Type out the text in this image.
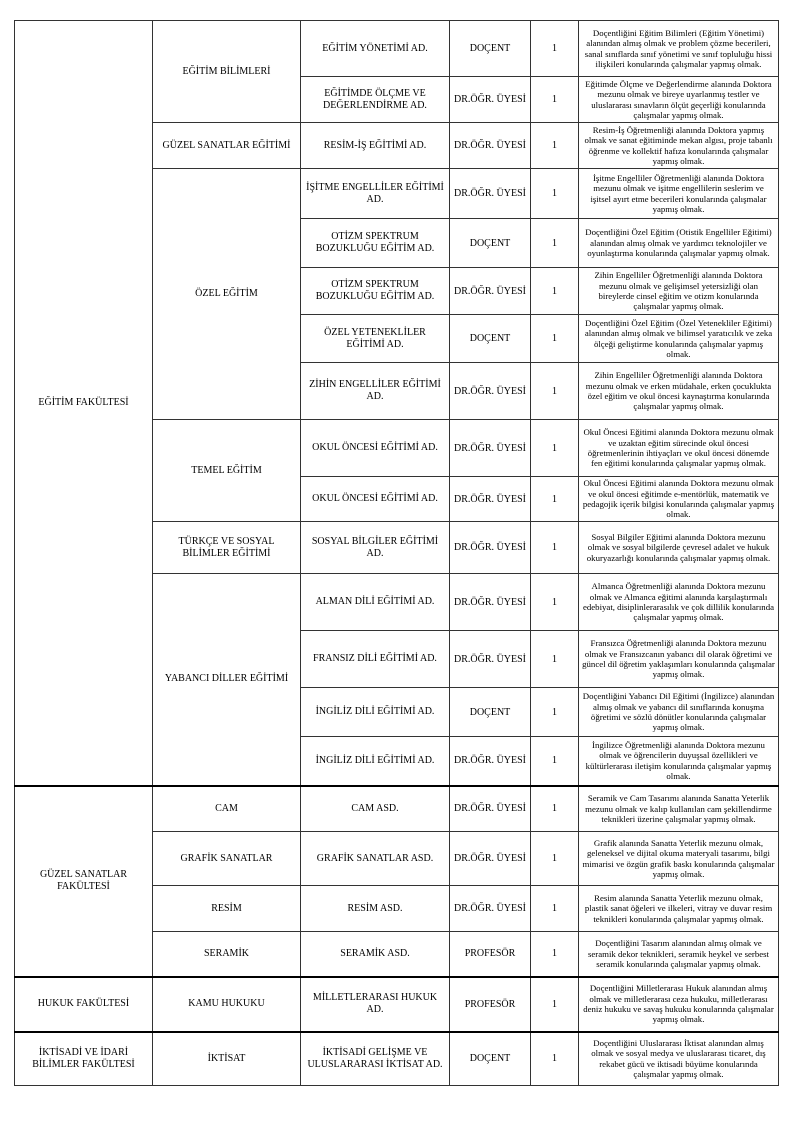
EĞİTİM FAKÜLTESİ	EĞİTİM BİLİMLERİ	EĞİTİM YÖNETİMİ AD.	DOÇENT	1	Doçentliğini Eğitim Bilimleri (Eğitim Yönetimi) alanından almış olmak ve problem çözme becerileri, sanal sınıflarda sınıf yönetimi ve sınıf topluluğu hissi ilişkileri konularında çalışmalar yapmış olmak.
		EĞİTİMDE ÖLÇME VE DEĞERLENDİRME AD.	DR.ÖĞR. ÜYESİ	1	Eğitimde Ölçme ve Değerlendirme alanında Doktora mezunu olmak ve bireye uyarlanmış testler ve uluslararası sınavların ölçüt geçerliği konularında çalışmalar yapmış olmak.
	GÜZEL SANATLAR EĞİTİMİ	RESİM-İŞ EĞİTİMİ AD.	DR.ÖĞR. ÜYESİ	1	Resim-İş Öğretmenliği alanında Doktora yapmış olmak ve sanat eğitiminde mekan algısı, proje tabanlı öğrenme ve kollektif hafıza konularında çalışmalar yapmış olmak.
	ÖZEL EĞİTİM	İŞİTME ENGELLİLER EĞİTİMİ AD.	DR.ÖĞR. ÜYESİ	1	İşitme Engelliler Öğretmenliği alanında Doktora mezunu olmak ve işitme engellilerin seslerim ve işitsel ayırt etme becerileri konularında çalışmalar yapmış olmak.
		OTİZM SPEKTRUM BOZUKLUĞU EĞİTİM AD.	DOÇENT	1	Doçentliğini Özel Eğitim (Otistik Engelliler Eğitimi) alanından almış olmak ve yardımcı teknolojiler ve oyunlaştırma konularında çalışmalar yapmış olmak.
		OTİZM SPEKTRUM BOZUKLUĞU EĞİTİM AD.	DR.ÖĞR. ÜYESİ	1	Zihin Engelliler Öğretmenliği alanında Doktora mezunu olmak ve gelişimsel yetersizliği olan bireylerde cinsel eğitim ve otizm konularında çalışmalar yapmış olmak.
		ÖZEL YETENEKLİLER EĞİTİMİ AD.	DOÇENT	1	Doçentliğini Özel Eğitim (Özel Yetenekliler Eğitimi) alanından almış olmak ve bilimsel yaratıcılık ve zeka ölçeği geliştirme konularında çalışmalar yapmış olmak.
		ZİHİN ENGELLİLER EĞİTİMİ AD.	DR.ÖĞR. ÜYESİ	1	Zihin Engelliler Öğretmenliği alanında Doktora mezunu olmak ve erken müdahale, erken çocuklukta özel eğitim ve okul öncesi kaynaştırma konularında çalışmalar yapmış olmak.
	TEMEL EĞİTİM	OKUL ÖNCESİ EĞİTİMİ AD.	DR.ÖĞR. ÜYESİ	1	Okul Öncesi Eğitimi alanında Doktora mezunu olmak ve uzaktan eğitim sürecinde okul öncesi öğretmenlerinin ihtiyaçları ve okul öncesi dönemde fen eğitimi konularında çalışmalar yapmış olmak.
		OKUL ÖNCESİ EĞİTİMİ AD.	DR.ÖĞR. ÜYESİ	1	Okul Öncesi Eğitimi alanında Doktora mezunu olmak ve okul öncesi eğitimde e-mentörlük, matematik ve pedagojik içerik bilgisi konularında çalışmalar yapmış olmak.
	TÜRKÇE VE SOSYAL BİLİMLER EĞİTİMİ	SOSYAL BİLGİLER EĞİTİMİ AD.	DR.ÖĞR. ÜYESİ	1	Sosyal Bilgiler Eğitimi alanında Doktora mezunu olmak ve sosyal bilgilerde çevresel adalet ve hukuk okuryazarlığı konularında çalışmalar yapmış olmak.
	YABANCI DİLLER EĞİTİMİ	ALMAN DİLİ EĞİTİMİ AD.	DR.ÖĞR. ÜYESİ	1	Almanca Öğretmenliği alanında Doktora mezunu olmak ve Almanca eğitimi alanında karşılaştırmalı edebiyat, disiplinlerarasılık ve çok dillilik konularında çalışmalar yapmış olmak.
		FRANSIZ DİLİ EĞİTİMİ AD.	DR.ÖĞR. ÜYESİ	1	Fransızca Öğretmenliği alanında Doktora mezunu olmak ve Fransızcanın yabancı dil olarak öğretimi ve güncel dil öğretim yaklaşımları konularında çalışmalar yapmış olmak.
		İNGİLİZ DİLİ EĞİTİMİ AD.	DOÇENT	1	Doçentliğini Yabancı Dil Eğitimi (İngilizce) alanından almış olmak ve yabancı dil sınıflarında konuşma öğretimi ve sözlü dönütler konularında çalışmalar yapmış olmak.
		İNGİLİZ DİLİ EĞİTİMİ AD.	DR.ÖĞR. ÜYESİ	1	İngilizce Öğretmenliği alanında Doktora mezunu olmak ve öğrencilerin duyuşsal özellikleri ve kültürlerarası iletişim konularında çalışmalar yapmış olmak.
GÜZEL SANATLAR FAKÜLTESİ	CAM	CAM ASD.	DR.ÖĞR. ÜYESİ	1	Seramik ve Cam Tasarımı alanında Sanatta Yeterlik mezunu olmak ve kalıp kullanılan cam şekillendirme teknikleri üzerine çalışmalar yapmış olmak.
	GRAFİK SANATLAR	GRAFİK SANATLAR ASD.	DR.ÖĞR. ÜYESİ	1	Grafik alanında Sanatta Yeterlik mezunu olmak, geleneksel ve dijital okuma materyali tasarımı, bilgi mimarisi ve özgün grafik baskı konularında çalışmalar yapmış olmak.
	RESİM	RESİM ASD.	DR.ÖĞR. ÜYESİ	1	Resim alanında Sanatta Yeterlik mezunu olmak, plastik sanat öğeleri ve ilkeleri, vitray ve duvar resim teknikleri konularında çalışmalar yapmış olmak.
	SERAMİK	SERAMİK ASD.	PROFESÖR	1	Doçentliğini Tasarım alanından almış olmak ve seramik dekor teknikleri, seramik heykel ve serbest seramik konularında çalışmalar yapmış olmak.
HUKUK FAKÜLTESİ	KAMU HUKUKU	MİLLETLERARASI HUKUK AD.	PROFESÖR	1	Doçentliğini Milletlerarası Hukuk alanından almış olmak ve milletlerarası ceza hukuku, milletlerarası deniz hukuku ve savaş hukuku konularında çalışmalar yapmış olmak.
İKTİSADİ VE İDARİ BİLİMLER FAKÜLTESİ	İKTİSAT	İKTİSADİ GELİŞME VE ULUSLARARASI İKTİSAT AD.	DOÇENT	1	Doçentliğini Uluslararası İktisat alanından almış olmak ve sosyal medya ve uluslararası ticaret, dış rekabet gücü ve iktisadi büyüme konularında çalışmalar yapmış olmak.
